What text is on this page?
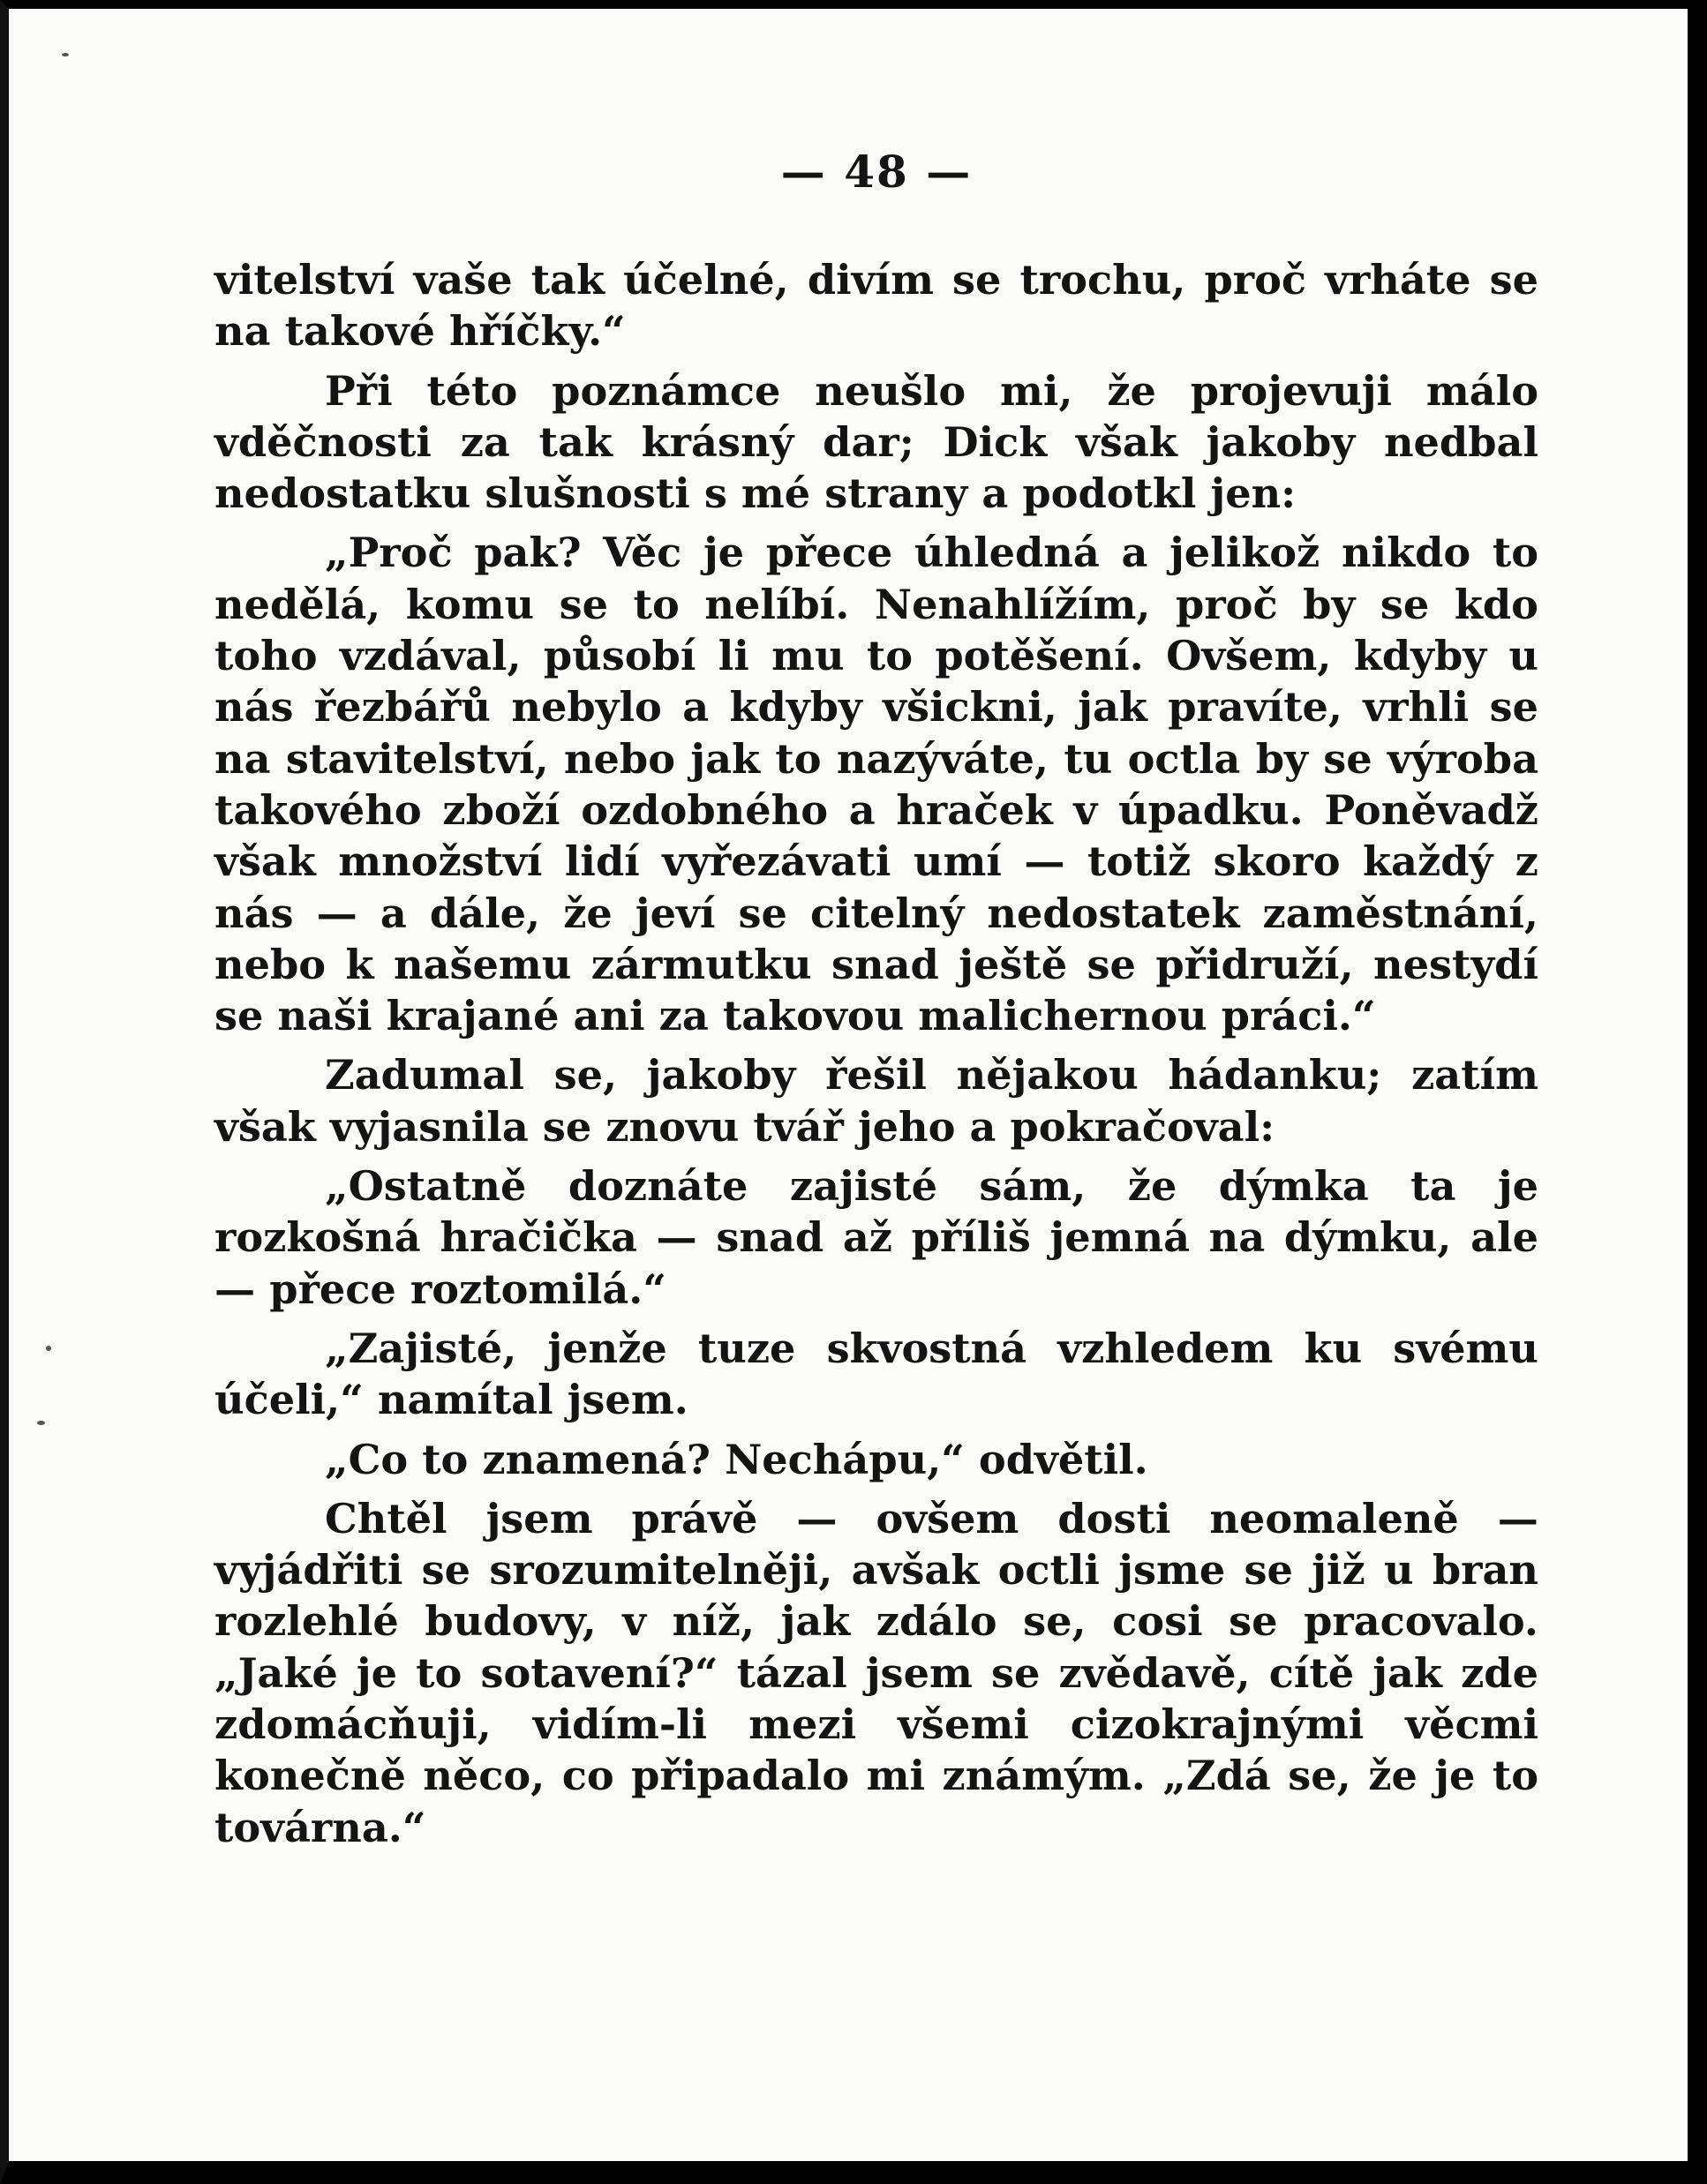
— 48 —

vitelství vaše tak účelné, divím se trochu, proč vrháte se na takové hříčky.“

Při této poznámce neušlo mi, že projevuji málo vděčnosti za tak krásný dar; Dick však jakoby nedbal nedostatku slušnosti s mé strany a podotkl jen:

„Proč pak? Věc je přece úhledná a jelikož nikdo to nedělá, komu se to nelíbí. Nenahlížím, proč by se kdo toho vzdával, působí li mu to potěšení. Ovšem, kdyby u nás řezbářů nebylo a kdyby všickni, jak pravíte, vrhli se na stavitelství, nebo jak to nazýváte, tu octla by se výroba takového zboží ozdobného a hraček v úpadku. Poněvadž však množství lidí vyřezávati umí — totiž skoro každý z nás — a dále, že jeví se citelný nedostatek zaměstnání, nebo k našemu zármutku snad ještě se přidruží, nestydí se naši krajané ani za takovou malichernou práci.“

Zadumal se, jakoby řešil nějakou hádanku; zatím však vyjasnila se znovu tvář jeho a pokračoval:

„Ostatně doznáte zajisté sám, že dýmka ta je rozkošná hračička — snad až příliš jemná na dýmku, ale — přece roztomilá.“

„Zajisté, jenže tuze skvostná vzhledem ku svému účeli,“ namítal jsem.

„Co to znamená? Nechápu,“ odvětil.

Chtěl jsem právě — ovšem dosti neomaleně — vyjádřiti se srozumitelněji, avšak octli jsme se již u bran rozlehlé budovy, v níž, jak zdálo se, cosi se pracovalo. „Jaké je to sotavení?“ tázal jsem se zvědavě, cítě jak zde zdomácňuji, vidím-li mezi všemi cizokrajnými věcmi konečně něco, co připadalo mi známým. „Zdá se, že je to továrna.“
